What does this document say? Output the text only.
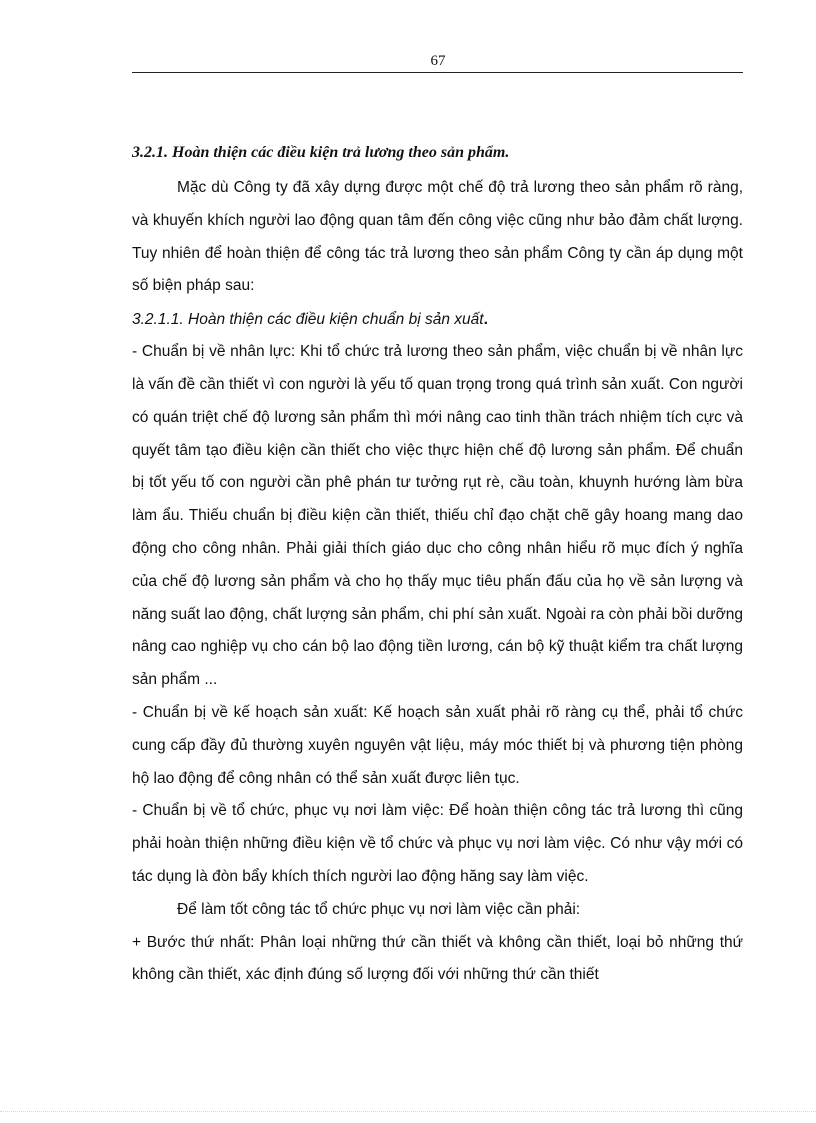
67

3.2.1. Hoàn thiện các điều kiện trả lương theo sản phẩm.

Mặc dù Công ty đã xây dựng được một chế độ trả lương theo sản phẩm rõ ràng, và khuyến khích người lao động quan tâm đến công việc cũng như bảo đảm chất lượng. Tuy nhiên để hoàn thiện để công tác trả lương theo sản phẩm Công ty cần áp dụng một số biện pháp sau:

3.2.1.1. Hoàn thiện các điều kiện chuẩn bị sản xuất.

- Chuẩn bị về nhân lực: Khi tổ chức trả lương theo sản phẩm, việc chuẩn bị về nhân lực là vấn đề cần thiết vì con người là yếu tố quan trọng trong quá trình sản xuất. Con người có quán triệt chế độ lương sản phẩm thì mới nâng cao tinh thần trách nhiệm tích cực và quyết tâm tạo điều kiện cần thiết cho việc thực hiện chế độ lương sản phẩm. Để chuẩn bị tốt yếu tố con người cần phê phán tư tưởng rụt rè, cầu toàn, khuynh hướng làm bừa làm ẩu. Thiếu chuẩn bị điều kiện cần thiết, thiếu chỉ đạo chặt chẽ gây hoang mang dao động cho công nhân. Phải giải thích giáo dục cho công nhân hiểu rõ mục đích ý nghĩa của chế độ lương sản phẩm và cho họ thấy mục tiêu phấn đấu của họ về sản lượng và năng suất lao động, chất lượng sản phẩm, chi phí sản xuất. Ngoài ra còn phải bồi dưỡng nâng cao nghiệp vụ cho cán bộ lao động tiền lương, cán bộ kỹ thuật kiểm tra chất lượng sản phẩm ...

- Chuẩn bị về kế hoạch sản xuất: Kế hoạch sản xuất phải rõ ràng cụ thể, phải tổ chức cung cấp đầy đủ thường xuyên nguyên vật liệu, máy móc thiết bị và phương tiện phòng hộ lao động để công nhân có thể sản xuất được liên tục.

- Chuẩn bị về tổ chức, phục vụ nơi làm việc: Để hoàn thiện công tác trả lương thì cũng phải hoàn thiện những điều kiện về tổ chức và phục vụ nơi làm việc. Có như vậy mới có tác dụng là đòn bẩy khích thích người lao động hăng say làm việc.

Để làm tốt công tác tổ chức phục vụ nơi làm việc cần phải:

+ Bước thứ nhất: Phân loại những thứ cần thiết và không cần thiết, loại bỏ những thứ không cần thiết, xác định đúng số lượng đối với những thứ cần thiết
